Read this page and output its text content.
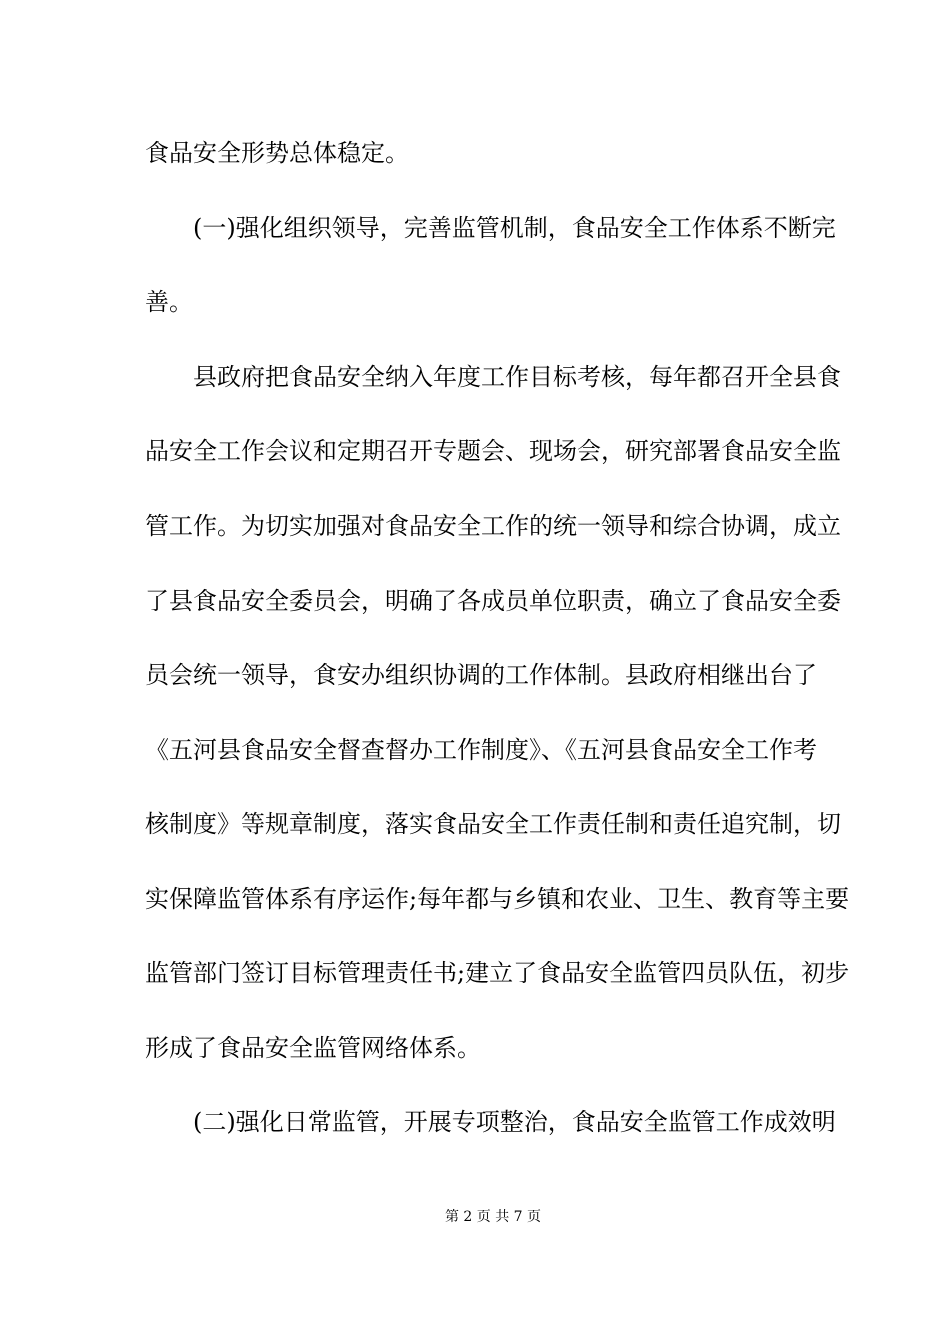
食品安全形势总体稳定。
(一)强化组织领导，完善监管机制，食品安全工作体系不断完
善。
县政府把食品安全纳入年度工作目标考核，每年都召开全县食
品安全工作会议和定期召开专题会、现场会，研究部署食品安全监
管工作。为切实加强对食品安全工作的统一领导和综合协调，成立
了县食品安全委员会，明确了各成员单位职责，确立了食品安全委
员会统一领导，食安办组织协调的工作体制。县政府相继出台了
《五河县食品安全督查督办工作制度》、《五河县食品安全工作考
核制度》等规章制度，落实食品安全工作责任制和责任追究制，切
实保障监管体系有序运作;每年都与乡镇和农业、卫生、教育等主要
监管部门签订目标管理责任书;建立了食品安全监管四员队伍，初步
形成了食品安全监管网络体系。
(二)强化日常监管，开展专项整治，食品安全监管工作成效明
第 2 页 共 7 页
